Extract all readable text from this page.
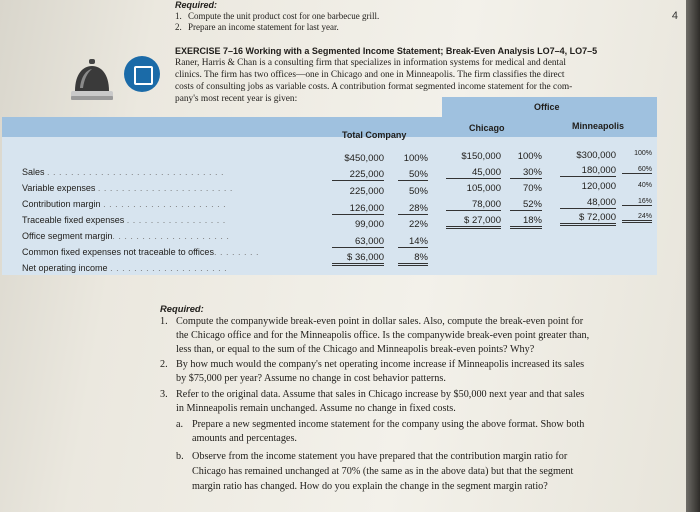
4
Required:
1. Compute the unit product cost for one barbecue grill.
2. Prepare an income statement for last year.
EXERCISE 7–16 Working with a Segmented Income Statement; Break-Even Analysis LO7–4, LO7–5
Raner, Harris & Chan is a consulting firm that specializes in information systems for medical and dental
clinics. The firm has two offices—one in Chicago and one in Minneapolis. The firm classifies the direct
costs of consulting jobs as variable costs. A contribution format segmented income statement for the com-
pany's most recent year is given:
Office
Total Company
Chicago	Minneapolis
Sales . . . . . . . . . . . . . . . . . . . . . . . . . . . . . .
Variable expenses . . . . . . . . . . . . . . . . . . . . . . .
Contribution margin . . . . . . . . . . . . . . . . . . . . .
Traceable fixed expenses . . . . . . . . . . . . . . . . .
Office segment margin. . . . . . . . . . . . . . . . . . . .
Common fixed expenses not traceable to offices. . . . . . . .
Net operating income . . . . . . . . . . . . . . . . . . . .
$450,000
225,000
225,000
126,000
99,000
63,000
$ 36,000
100%
50%
50%
28%
22%
14%
8%
$150,000
45,000
105,000
78,000
$ 27,000
100%
30%
70%
52%
18%
$300,000
180,000
120,000
48,000
$ 72,000
100%
60%
40%
16%
24%
Required:
1. Compute the companywide break-even point in dollar sales. Also, compute the break-even point for
the Chicago office and for the Minneapolis office. Is the companywide break-even point greater than,
less than, or equal to the sum of the Chicago and Minneapolis break-even points? Why?
2. By how much would the company's net operating income increase if Minneapolis increased its sales
by $75,000 per year? Assume no change in cost behavior patterns.
3. Refer to the original data. Assume that sales in Chicago increase by $50,000 next year and that sales
in Minneapolis remain unchanged. Assume no change in fixed costs.
a. Prepare a new segmented income statement for the company using the above format. Show both
amounts and percentages.
b. Observe from the income statement you have prepared that the contribution margin ratio for
Chicago has remained unchanged at 70% (the same as in the above data) but that the segment
margin ratio has changed. How do you explain the change in the segment margin ratio?
